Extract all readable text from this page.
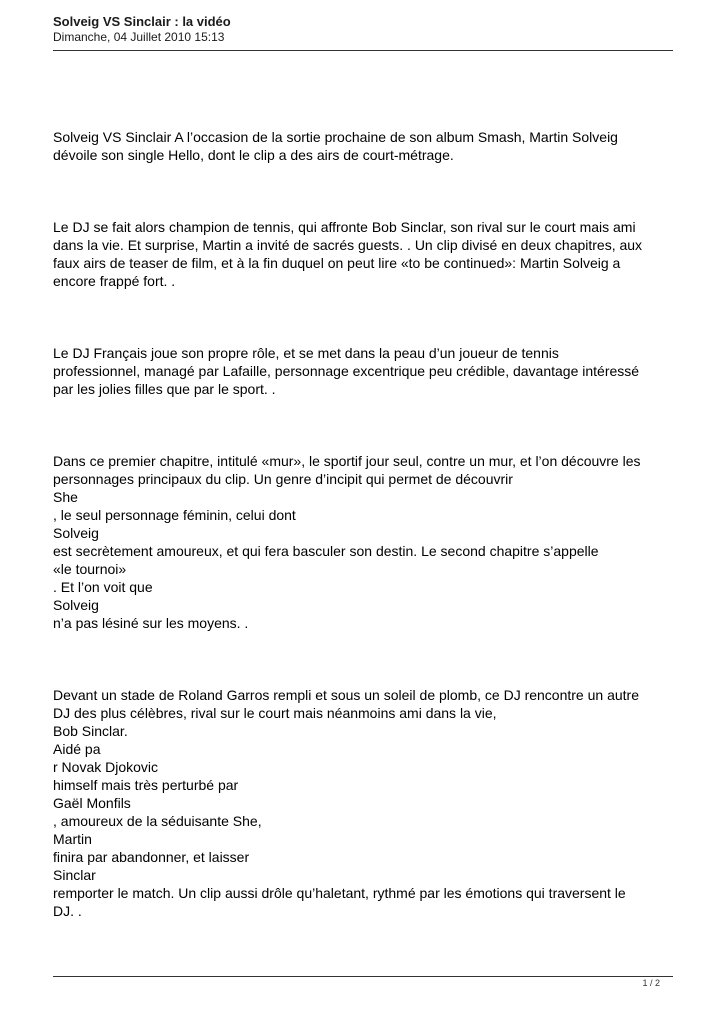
Solveig VS Sinclair : la vidéo
Dimanche, 04 Juillet 2010 15:13

Solveig VS Sinclair A l’occasion de la sortie prochaine de son album Smash, Martin Solveig
dévoile son single Hello, dont le clip a des airs de court-métrage.

Le DJ se fait alors champion de tennis, qui affronte Bob Sinclar, son rival sur le court mais ami
dans la vie. Et surprise, Martin a invité de sacrés guests. . Un clip divisé en deux chapitres, aux
faux airs de teaser de film, et à la fin duquel on peut lire «to be continued»: Martin Solveig a
encore frappé fort. .

Le DJ Français joue son propre rôle, et se met dans la peau d’un joueur de tennis
professionnel, managé par Lafaille, personnage excentrique peu crédible, davantage intéressé
par les jolies filles que par le sport. .

Dans ce premier chapitre, intitulé «mur», le sportif jour seul, contre un mur, et l’on découvre les
personnages principaux du clip. Un genre d’incipit qui permet de découvrir
She
, le seul personnage féminin, celui dont
Solveig
est secrètement amoureux, et qui fera basculer son destin. Le second chapitre s’appelle
«le tournoi»
. Et l’on voit que
Solveig
n’a pas lésiné sur les moyens. .

Devant un stade de Roland Garros rempli et sous un soleil de plomb, ce DJ rencontre un autre
DJ des plus célèbres, rival sur le court mais néanmoins ami dans la vie,
Bob Sinclar.
Aidé pa
r Novak Djokovic
himself mais très perturbé par
Gaël Monfils
, amoureux de la séduisante She,
Martin
finira par abandonner, et laisser
Sinclar
remporter le match. Un clip aussi drôle qu’haletant, rythmé par les émotions qui traversent le
DJ. .

1 / 2
